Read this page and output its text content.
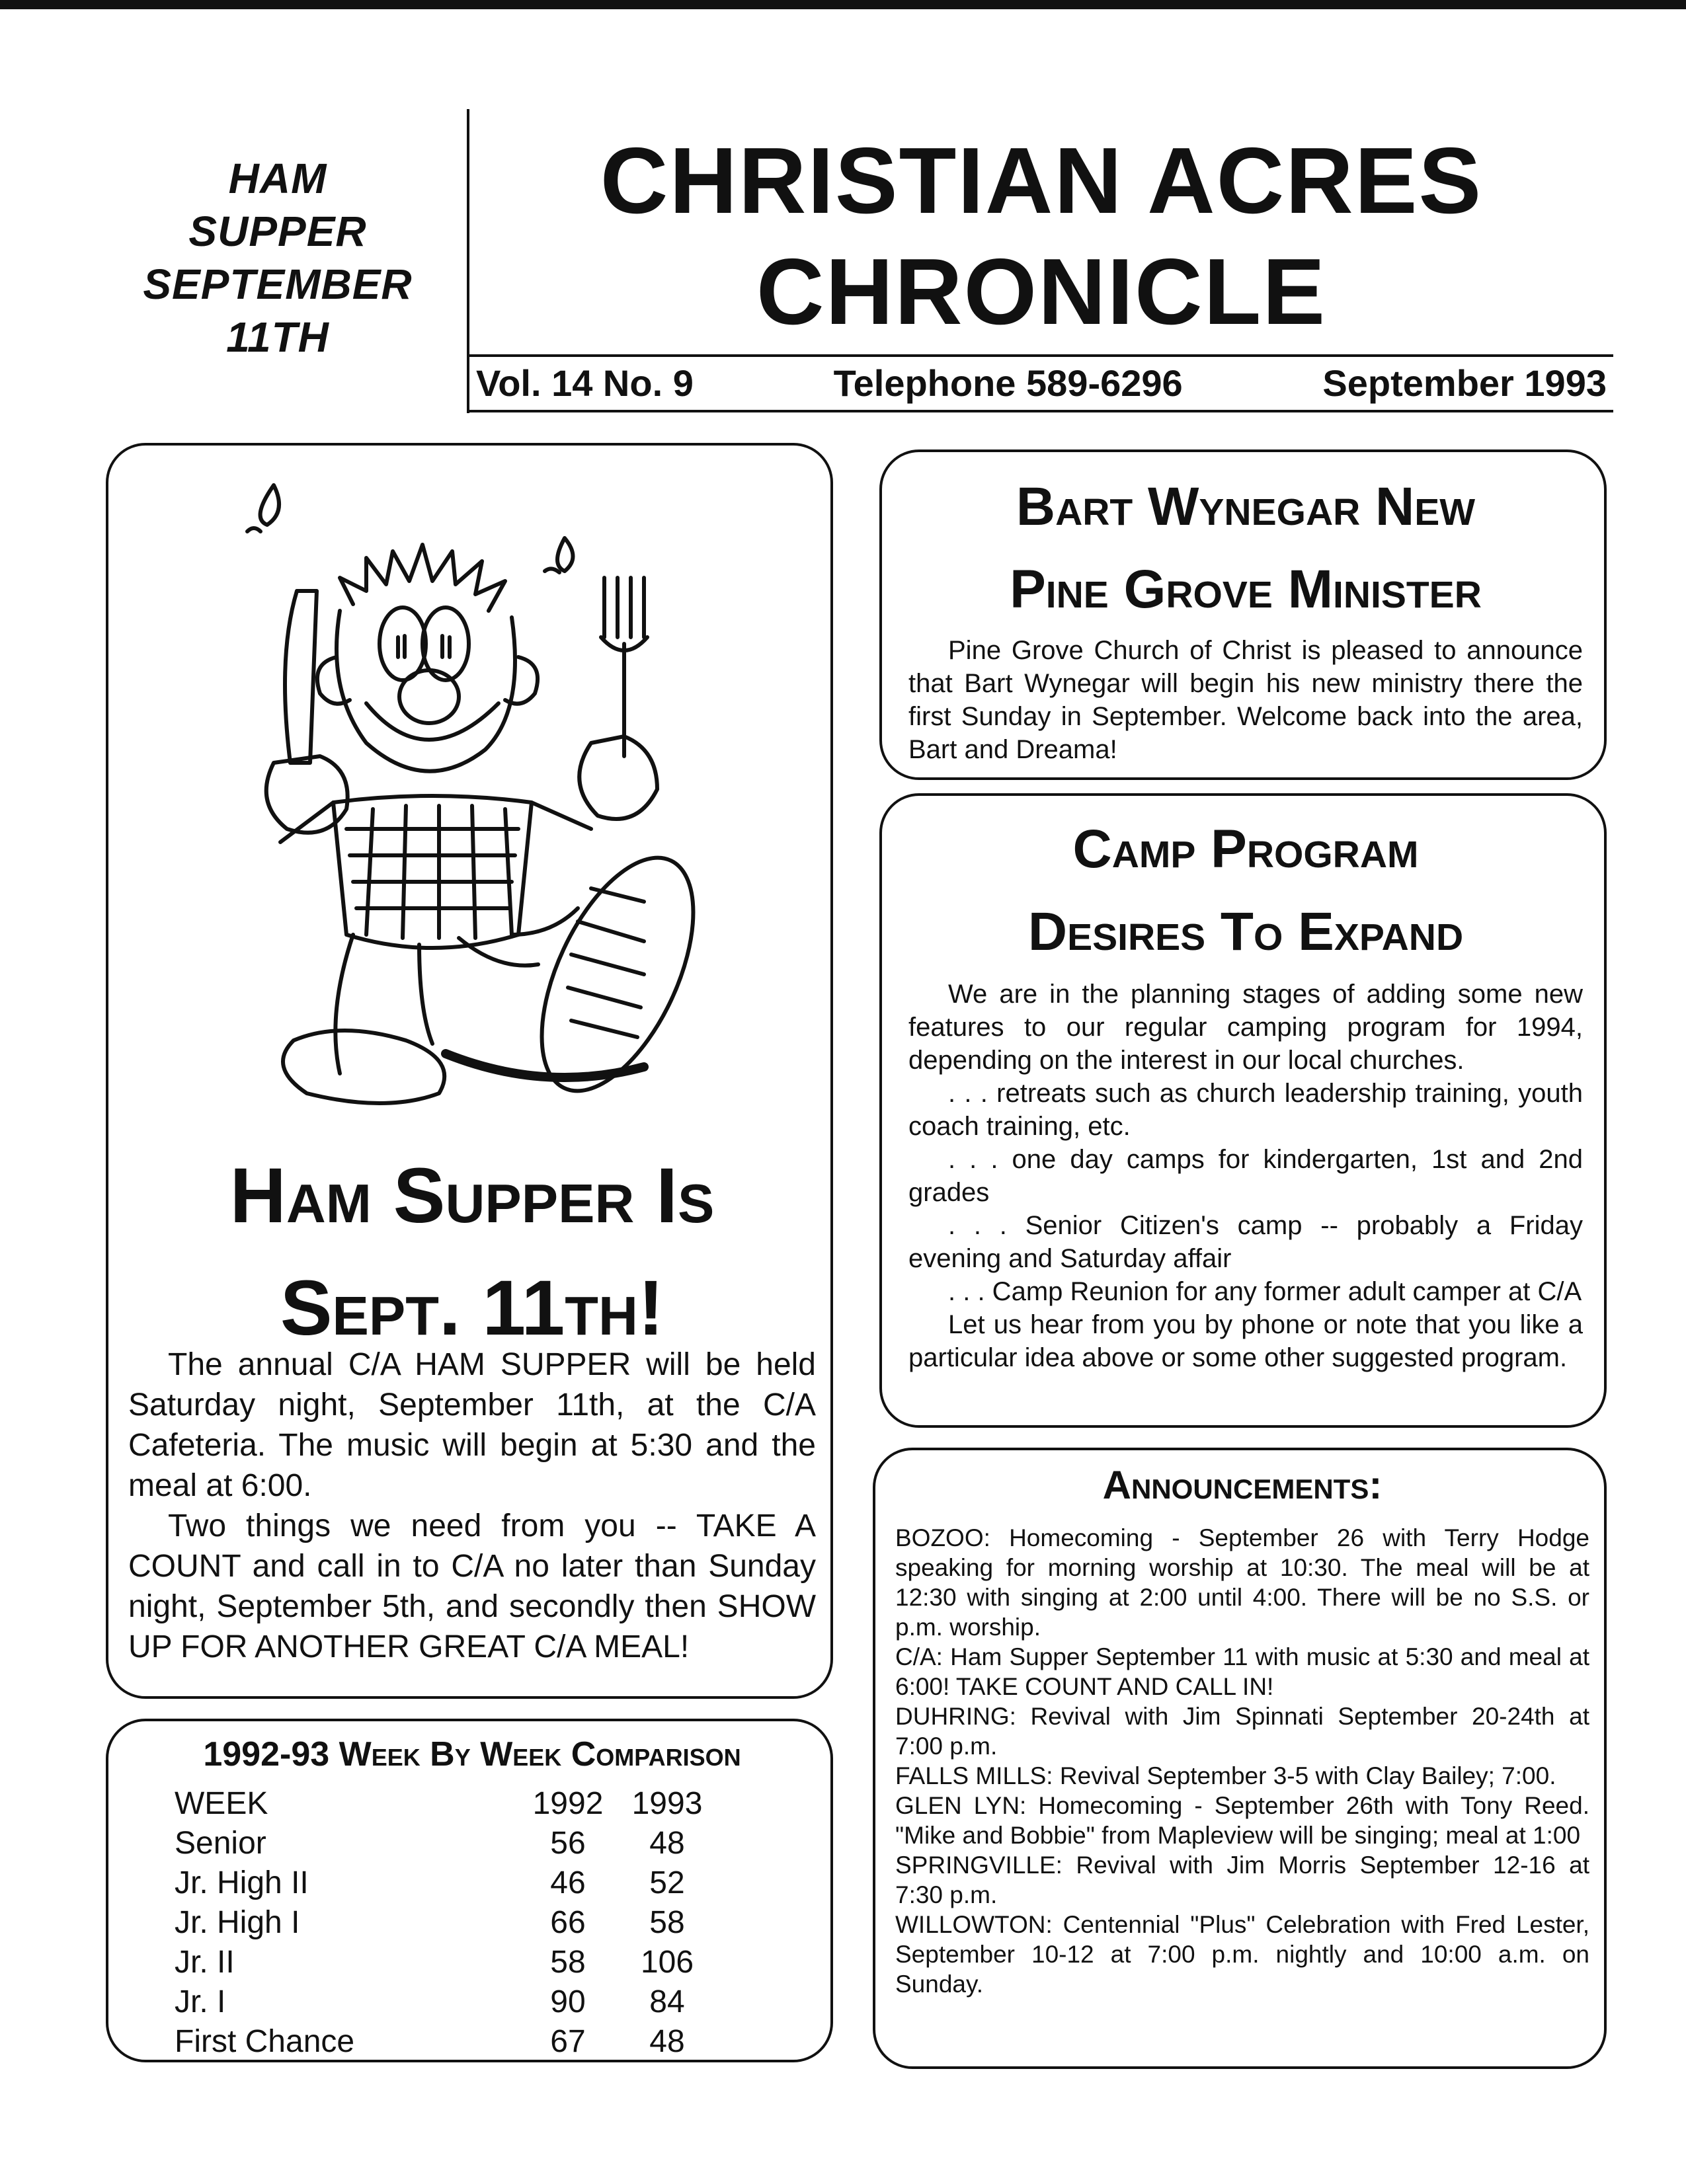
HAM
SUPPER
SEPTEMBER
11TH
CHRISTIAN ACRES
CHRONICLE
Vol. 14 No. 9	Telephone 589-6296	September 1993
Ham Supper Is
Sept. 11th!

The annual C/A HAM SUPPER will be held Saturday night, September 11th, at the C/A Cafeteria. The music will begin at 5:30 and the meal at 6:00.

Two things we need from you -- TAKE A COUNT and call in to C/A no later than Sunday night, September 5th, and secondly then SHOW UP FOR ANOTHER GREAT C/A MEAL!

1992-93 Week By Week Comparison
WEEK	1992 1993
Senior	56	48
Jr. High II	46	52
Jr. High I	66	58
Jr. II	58	106
Jr. I	90	84
First Chance	67	48
Bart Wynegar New
Pine Grove Minister

Pine Grove Church of Christ is pleased to announce that Bart Wynegar will begin his new ministry there the first Sunday in September. Welcome back into the area, Bart and Dreama!

Camp Program
Desires To Expand

We are in the planning stages of adding some new features to our regular camping program for 1994, depending on the interest in our local churches.

. . . retreats such as church leadership training, youth coach training, etc.

. . . one day camps for kindergarten, 1st and 2nd grades

. . . Senior Citizen's camp -- probably a Friday evening and Saturday affair

. . . Camp Reunion for any former adult camper at C/A

Let us hear from you by phone or note that you like a particular idea above or some other suggested program.

Announcements:

BOZOO: Homecoming - September 26 with Terry Hodge speaking for morning worship at 10:30. The meal will be at 12:30 with singing at 2:00 until 4:00. There will be no S.S. or p.m. worship.

C/A: Ham Supper September 11 with music at 5:30 and meal at 6:00! TAKE COUNT AND CALL IN!

DUHRING: Revival with Jim Spinnati September 20-24th at 7:00 p.m.

FALLS MILLS: Revival September 3-5 with Clay Bailey; 7:00.

GLEN LYN: Homecoming - September 26th with Tony Reed. "Mike and Bobbie" from Mapleview will be singing; meal at 1:00

SPRINGVILLE: Revival with Jim Morris September 12-16 at 7:30 p.m.

WILLOWTON: Centennial "Plus" Celebration with Fred Lester, September 10-12 at 7:00 p.m. nightly and 10:00 a.m. on Sunday.
